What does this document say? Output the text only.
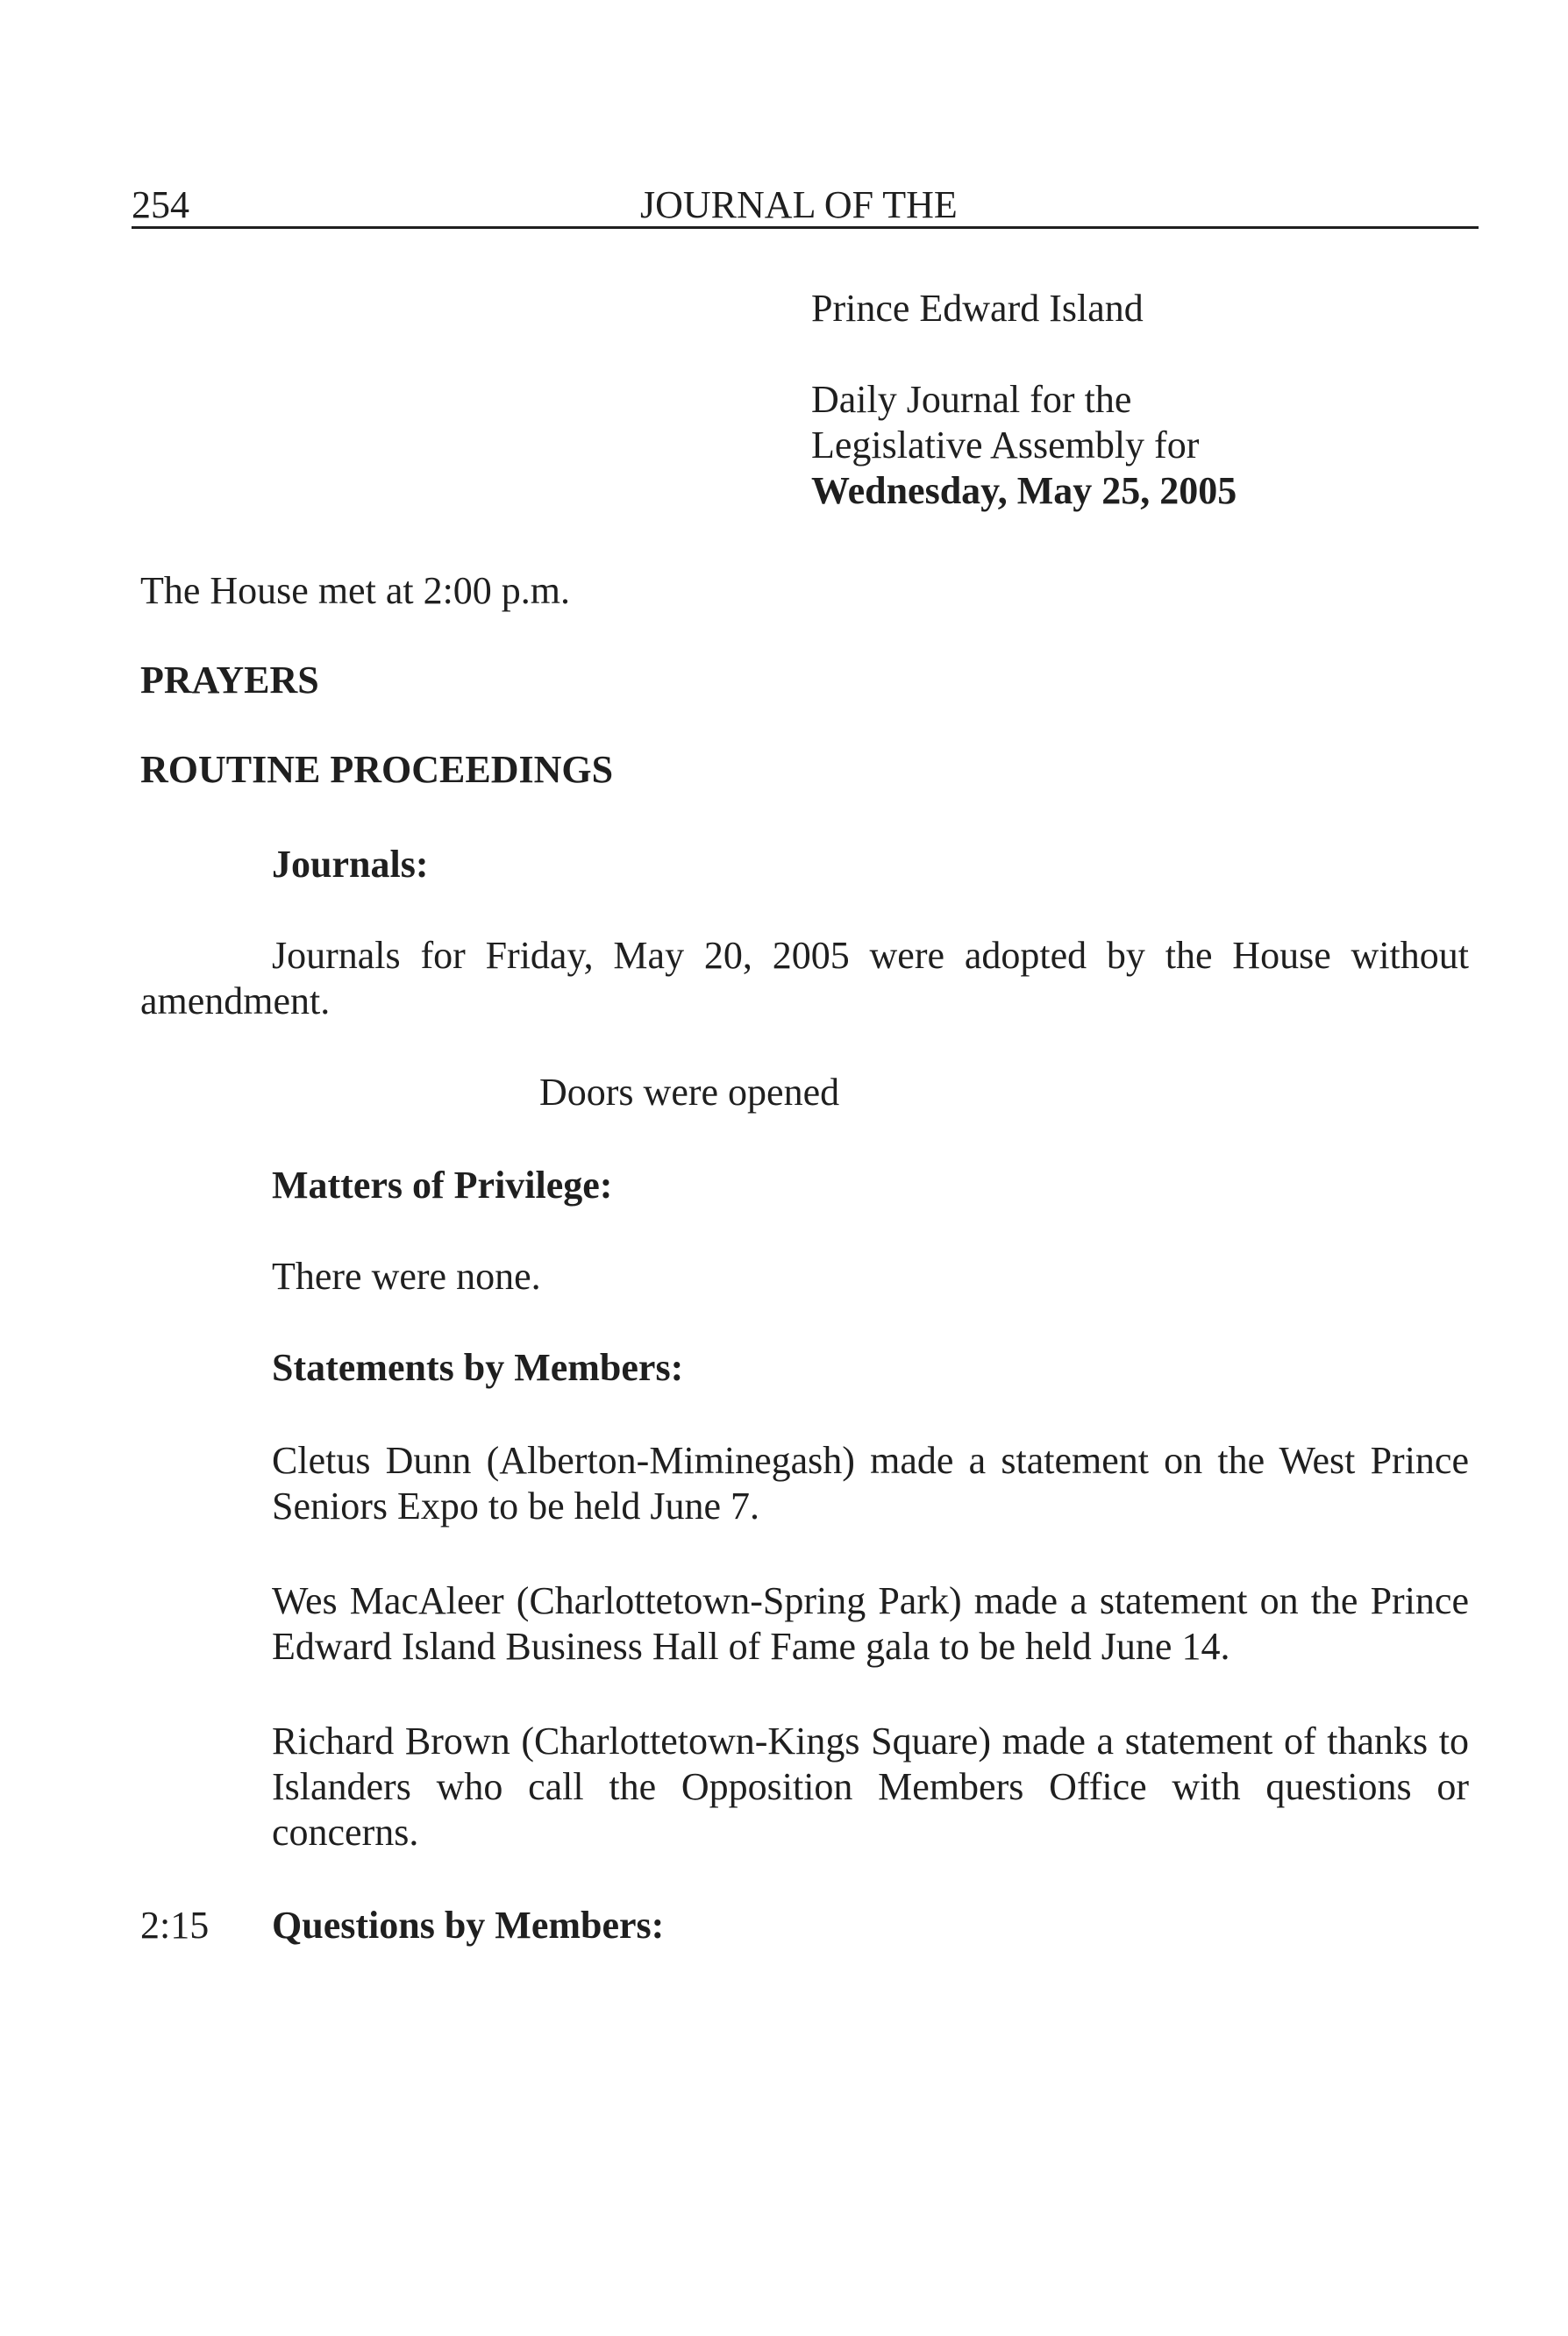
254	JOURNAL OF THE
Prince Edward Island
Daily Journal for the
Legislative Assembly for
Wednesday, May 25, 2005
The House met at 2:00 p.m.
PRAYERS
ROUTINE PROCEEDINGS
Journals:

Journals for Friday, May 20, 2005 were adopted by the House without amendment.

Doors were opened
Matters of Privilege:
There were none.
Statements by Members:

Cletus Dunn (Alberton-Miminegash) made a statement on the West Prince Seniors Expo to be held June 7.

Wes MacAleer (Charlottetown-Spring Park) made a statement on the Prince Edward Island Business Hall of Fame gala to be held June 14.

Richard Brown (Charlottetown-Kings Square) made a statement of thanks to Islanders who call the Opposition Members Office with questions or concerns.

2:15 Questions by Members:
